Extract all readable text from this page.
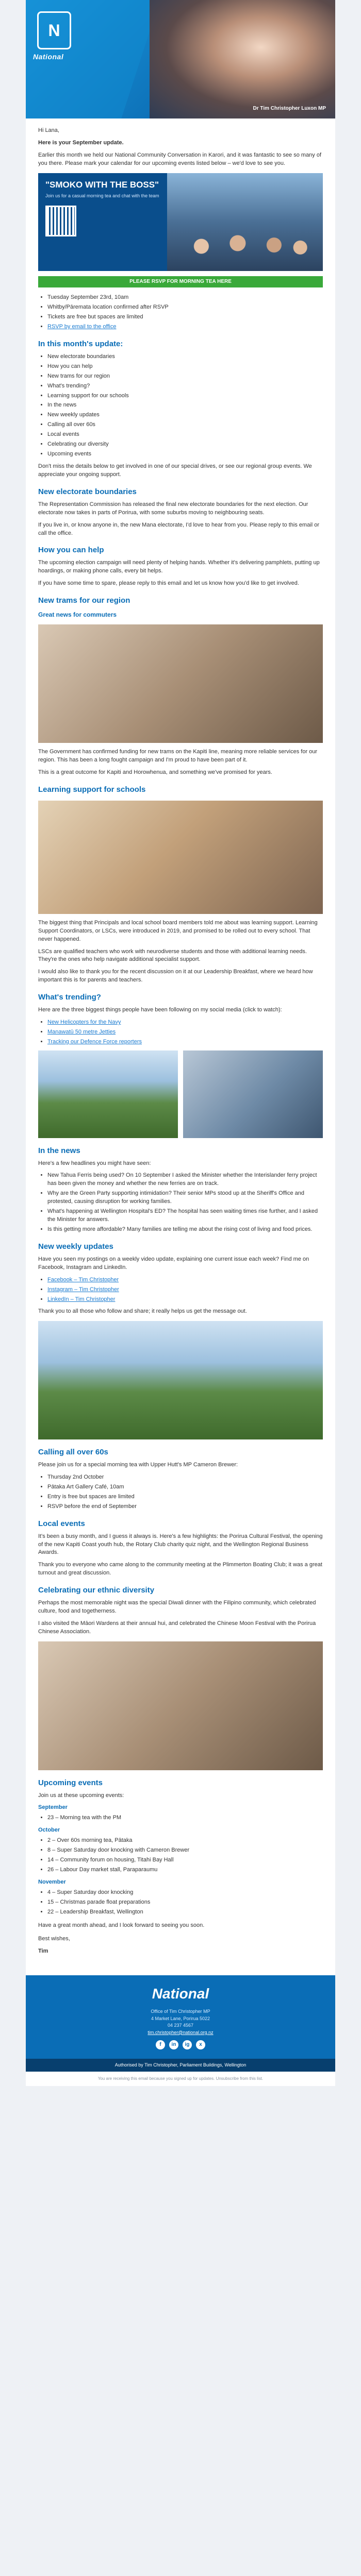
N
National
Dr Tim Christopher Luxon MP

Hi Lana,

Here is your September update.

Earlier this month we held our National Community Conversation in Karori, and it was fantastic to see so many of you there. Please mark your calendar for our upcoming events listed below – we'd love to see you.

"SMOKO WITH THE BOSS"
Join us for a casual morning tea and chat with the team
PLEASE RSVP FOR MORNING TEA HERE
• Tuesday September 23rd, 10am
• Whitby/Pāremata location confirmed after RSVP
• Tickets are free but spaces are limited
• RSVP by email to the office
In this month's update:
• New electorate boundaries
• How you can help
• New trams for our region
• What's trending?
• Learning support for our schools
• In the news
• New weekly updates
• Calling all over 60s
• Local events
• Celebrating our diversity
• Upcoming events

Don't miss the details below to get involved in one of our special drives, or see our regional group events. We appreciate your ongoing support.

New electorate boundaries

The Representation Commission has released the final new electorate boundaries for the next election. Our electorate now takes in parts of Porirua, with some suburbs moving to neighbouring seats.

If you live in, or know anyone in, the new Mana electorate, I'd love to hear from you. Please reply to this email or call the office.

How you can help

The upcoming election campaign will need plenty of helping hands. Whether it's delivering pamphlets, putting up hoardings, or making phone calls, every bit helps.

If you have some time to spare, please reply to this email and let us know how you'd like to get involved.

New trams for our region
Great news for commuters

The Government has confirmed funding for new trams on the Kapiti line, meaning more reliable services for our region. This has been a long fought campaign and I'm proud to have been part of it.

This is a great outcome for Kapiti and Horowhenua, and something we've promised for years.

Learning support for schools

The biggest thing that Principals and local school board members told me about was learning support. Learning Support Coordinators, or LSCs, were introduced in 2019, and promised to be rolled out to every school. That never happened.

LSCs are qualified teachers who work with neurodiverse students and those with additional learning needs. They're the ones who help navigate additional specialist support.

I would also like to thank you for the recent discussion on it at our Leadership Breakfast, where we heard how important this is for parents and teachers.

What's trending?

Here are the three biggest things people have been following on my social media (click to watch):

• New Helicopters for the Navy
• Manawatū 50 metre Jetties
• Tracking our Defence Force reporters
In the news

Here's a few headlines you might have seen:

• New Tahua Ferris being used? On 10 September I asked the Minister whether the Interislander ferry project has been given the money and whether the new ferries are on track.
• Why are the Green Party supporting intimidation? Their senior MPs stood up at the Sheriff's Office and protested, causing disruption for working families.
• What's happening at Wellington Hospital's ED? The hospital has seen waiting times rise further, and I asked the Minister for answers.
• Is this getting more affordable? Many families are telling me about the rising cost of living and food prices.
New weekly updates

Have you seen my postings on a weekly video update, explaining one current issue each week? Find me on Facebook, Instagram and LinkedIn.

• Facebook – Tim Christopher
• Instagram – Tim Christopher
• LinkedIn – Tim Christopher

Thank you to all those who follow and share; it really helps us get the message out.

Calling all over 60s

Please join us for a special morning tea with Upper Hutt's MP Cameron Brewer:

• Thursday 2nd October
• Pātaka Art Gallery Café, 10am
• Entry is free but spaces are limited
• RSVP before the end of September
Local events

It's been a busy month, and I guess it always is. Here's a few highlights: the Porirua Cultural Festival, the opening of the new Kapiti Coast youth hub, the Rotary Club charity quiz night, and the Wellington Regional Business Awards.

Thank you to everyone who came along to the community meeting at the Plimmerton Boating Club; it was a great turnout and great discussion.

Celebrating our ethnic diversity

Perhaps the most memorable night was the special Diwali dinner with the Filipino community, which celebrated culture, food and togetherness.

I also visited the Māori Wardens at their annual hui, and celebrated the Chinese Moon Festival with the Porirua Chinese Association.

Upcoming events

Join us at these upcoming events:

September
• 23 – Morning tea with the PM
October
• 2 – Over 60s morning tea, Pātaka
• 8 – Super Saturday door knocking with Cameron Brewer
• 14 – Community forum on housing, Titahi Bay Hall
• 26 – Labour Day market stall, Paraparaumu
November
• 4 – Super Saturday door knocking
• 15 – Christmas parade float preparations
• 22 – Leadership Breakfast, Wellington

Have a great month ahead, and I look forward to seeing you soon.

Best wishes,

Tim

National
Office of Tim Christopher MP
4 Market Lane, Porirua 5022
04 237 4567
tim.christopher@national.org.nz
f	in	ig	x
Authorised by Tim Christopher, Parliament Buildings, Wellington
You are receiving this email because you signed up for updates. Unsubscribe from this list.
